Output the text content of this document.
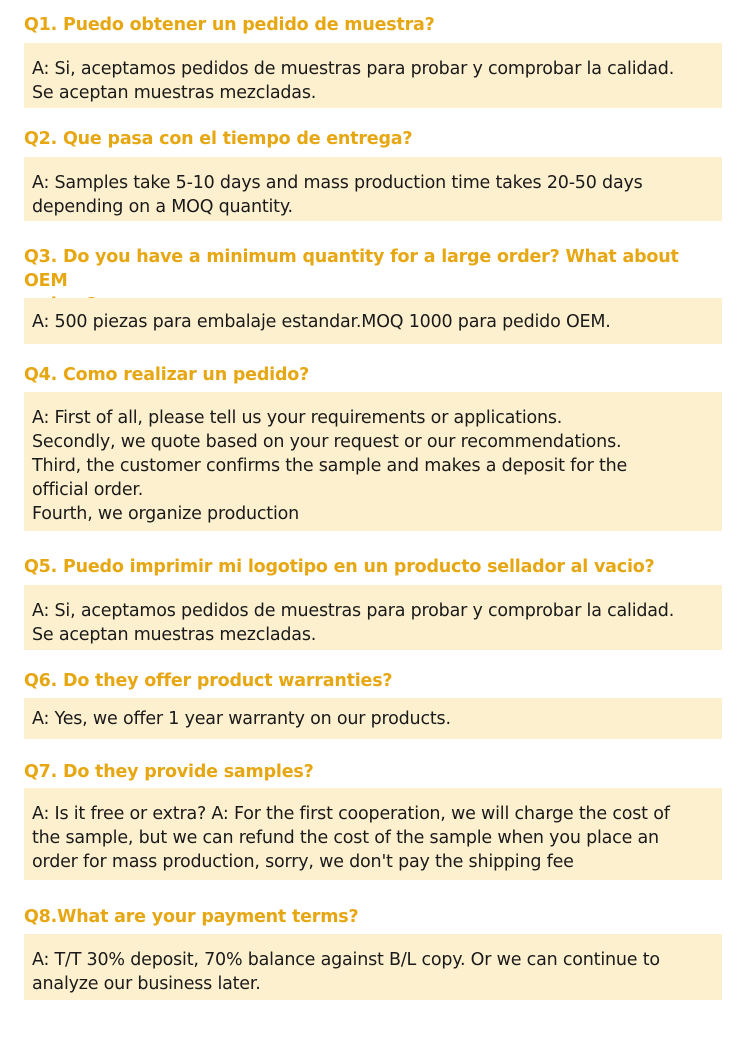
Q1. Puedo obtener un pedido de muestra?
A: Si, aceptamos pedidos de muestras para probar y comprobar la calidad.
Se aceptan muestras mezcladas.
Q2. Que pasa con el tiempo de entrega?
A: Samples take 5-10 days and mass production time takes 20-50 days
depending on a MOQ quantity.
Q3. Do you have a minimum quantity for a large order? What about OEM

A: 500 piezas para embalaje estandar.MOQ 1000 para pedido OEM.
Q4. Como realizar un pedido?
A: First of all, please tell us your requirements or applications.
Secondly, we quote based on your request or our recommendations.
Third, the customer confirms the sample and makes a deposit for the
official order.
Fourth, we organize production
Q5. Puedo imprimir mi logotipo en un producto sellador al vacio?
A: Si, aceptamos pedidos de muestras para probar y comprobar la calidad.
Se aceptan muestras mezcladas.
Q6. Do they offer product warranties?
A: Yes, we offer 1 year warranty on our products.
Q7. Do they provide samples?
A: Is it free or extra? A: For the first cooperation, we will charge the cost of
the sample, but we can refund the cost of the sample when you place an
order for mass production, sorry, we don't pay the shipping fee
Q8.What are your payment terms?
A: T/T 30% deposit, 70% balance against B/L copy. Or we can continue to
analyze our business later.
